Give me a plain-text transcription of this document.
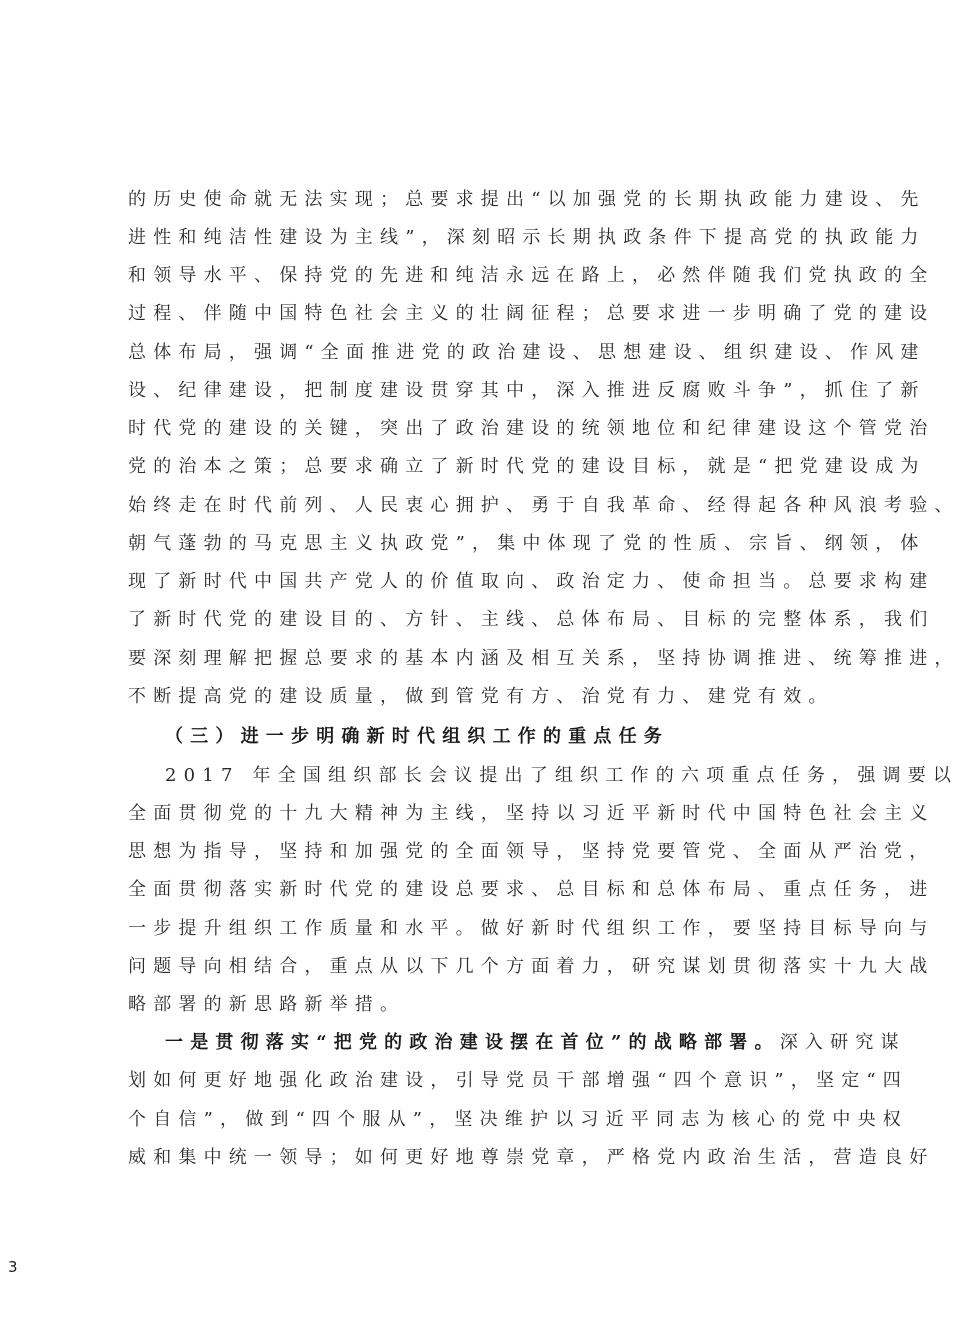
的历史使命就无法实现；总要求提出“以加强党的长期执政能力建设、先
进性和纯洁性建设为主线”，深刻昭示长期执政条件下提高党的执政能力
和领导水平、保持党的先进和纯洁永远在路上，必然伴随我们党执政的全
过程、伴随中国特色社会主义的壮阔征程；总要求进一步明确了党的建设
总体布局，强调“全面推进党的政治建设、思想建设、组织建设、作风建
设、纪律建设，把制度建设贯穿其中，深入推进反腐败斗争”，抓住了新
时代党的建设的关键，突出了政治建设的统领地位和纪律建设这个管党治
党的治本之策；总要求确立了新时代党的建设目标，就是“把党建设成为
始终走在时代前列、人民衷心拥护、勇于自我革命、经得起各种风浪考验、
朝气蓬勃的马克思主义执政党”，集中体现了党的性质、宗旨、纲领，体
现了新时代中国共产党人的价值取向、政治定力、使命担当。总要求构建
了新时代党的建设目的、方针、主线、总体布局、目标的完整体系，我们
要深刻理解把握总要求的基本内涵及相互关系，坚持协调推进、统筹推进，
不断提高党的建设质量，做到管党有方、治党有力、建党有效。
（三）进一步明确新时代组织工作的重点任务
2017 年全国组织部长会议提出了组织工作的六项重点任务，强调要以
全面贯彻党的十九大精神为主线，坚持以习近平新时代中国特色社会主义
思想为指导，坚持和加强党的全面领导，坚持党要管党、全面从严治党，
全面贯彻落实新时代党的建设总要求、总目标和总体布局、重点任务，进
一步提升组织工作质量和水平。做好新时代组织工作，要坚持目标导向与
问题导向相结合，重点从以下几个方面着力，研究谋划贯彻落实十九大战
略部署的新思路新举措。
一是贯彻落实“把党的政治建设摆在首位”的战略部署。深入研究谋
划如何更好地强化政治建设，引导党员干部增强“四个意识”，坚定“四
个自信”，做到“四个服从”，坚决维护以习近平同志为核心的党中央权
威和集中统一领导；如何更好地尊崇党章，严格党内政治生活，营造良好
3
